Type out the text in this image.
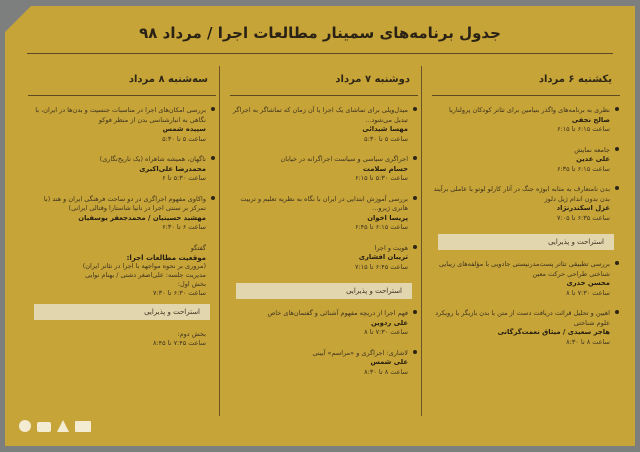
جدول برنامه‌های سمینار مطالعات اجرا / مرداد ۹۸
یکشنبه ۶ مرداد
نظری به برنامه‌های واگذر بنیامین برای تئاتر کودکان پرولتاریا
صالح نجفی
ساعت ۶:۱۵ تا ۶:۱۵
جامعه نمایش
علی عدین
ساعت ۶:۱۵ تا ۶:۳۵
بدن نامتعارف به مثابه ابوژه جنگ در آثار کارلو لوتو با عاملی برآیند بدن بدون اندام ژیل دلوز
غزل اسکندرنژاد
ساعت ۶:۳۵ تا ۷:۰۵
استراحت و پذیرایی
بررسی تطبیقی تئاتر پست‌مدرنیستی جادویی با مؤلفه‌های زیبایی شناختی طراحی حرکت معین
محسن خدری
ساعت ۷:۳۰ تا ۸
اهیین و تحلیل قرائت دریافت دست از متن با بدن بازیگر با رویکرد علوم شناختی
هاجر سعیدی / میثاق نعمت‌گرگانی
ساعت ۸ تا ۸:۳۰
دوشنبه ۷ مرداد
میدل‌ویلی برای تماشای یک اجرا یا آن زمان که تماشاگر به اجراگر تبدیل می‌شود...
مهسا شیدائی
ساعت ۵ تا ۵:۳۰
اجراگری سیاسی و سیاست اجراگرانه در خیابان
حسام سلامت
ساعت ۵:۳۰ تا ۶:۱۵
بررسی آموزش ابتدایی در ایران با نگاه به نظریه تعلیم و تربیت هانری ژیرو...
پریسا اخوان
ساعت ۶:۱۵ تا ۶:۴۵
هویت و اجرا
تریبان افشاری
ساعت ۶:۴۵ تا ۷:۱۵
استراحت و پذیرایی
فهم اجرا از دریچه مفهوم آشنائی و گفتمان‌های خاص
علی ردوین
ساعت ۷:۳۰ تا ۸
لاشاری: اجراگری و «مراسم» آیینی
علی شمس
ساعت ۸ تا ۸:۳۰
سه‌شنبه ۸ مرداد
بررسی امکان‌های اجرا در مناسبات جنسیت و بدن‌ها در ایران، با نگاهی به انبارشناسی بدن از منظر فوکو
سپیده شمس
ساعت ۵ تا ۵:۳۰
ناگهان، همیشه شاهراه (یک تاریخ‌نگاری)
محمدرضا علی‌اکبری
ساعت ۵:۳۰ تا ۶
واکاوی مفهوم اجراگری در دو ساحت فرهنگی ایران و هند (با تمرکز بر سنتی اجرا در نانیا شاستارا وقتالی ایرانی)
مهشید حسینیان / محمدجعفر یوسفیان
ساعت ۶ تا ۶:۳۰
گفتگو
موقعیت مطالعات اجرا:
(مروری بر نحوه مواجهه با اجرا در تئاتر ایران)
مدیریت جلسه: علی‌اصغر دشتی / بهنام نوایی
بخش اول:
ساعت ۶:۳۰ تا ۷:۳۰
استراحت و پذیرایی
بخش دوم:
ساعت ۷:۴۵ تا ۸:۴۵
